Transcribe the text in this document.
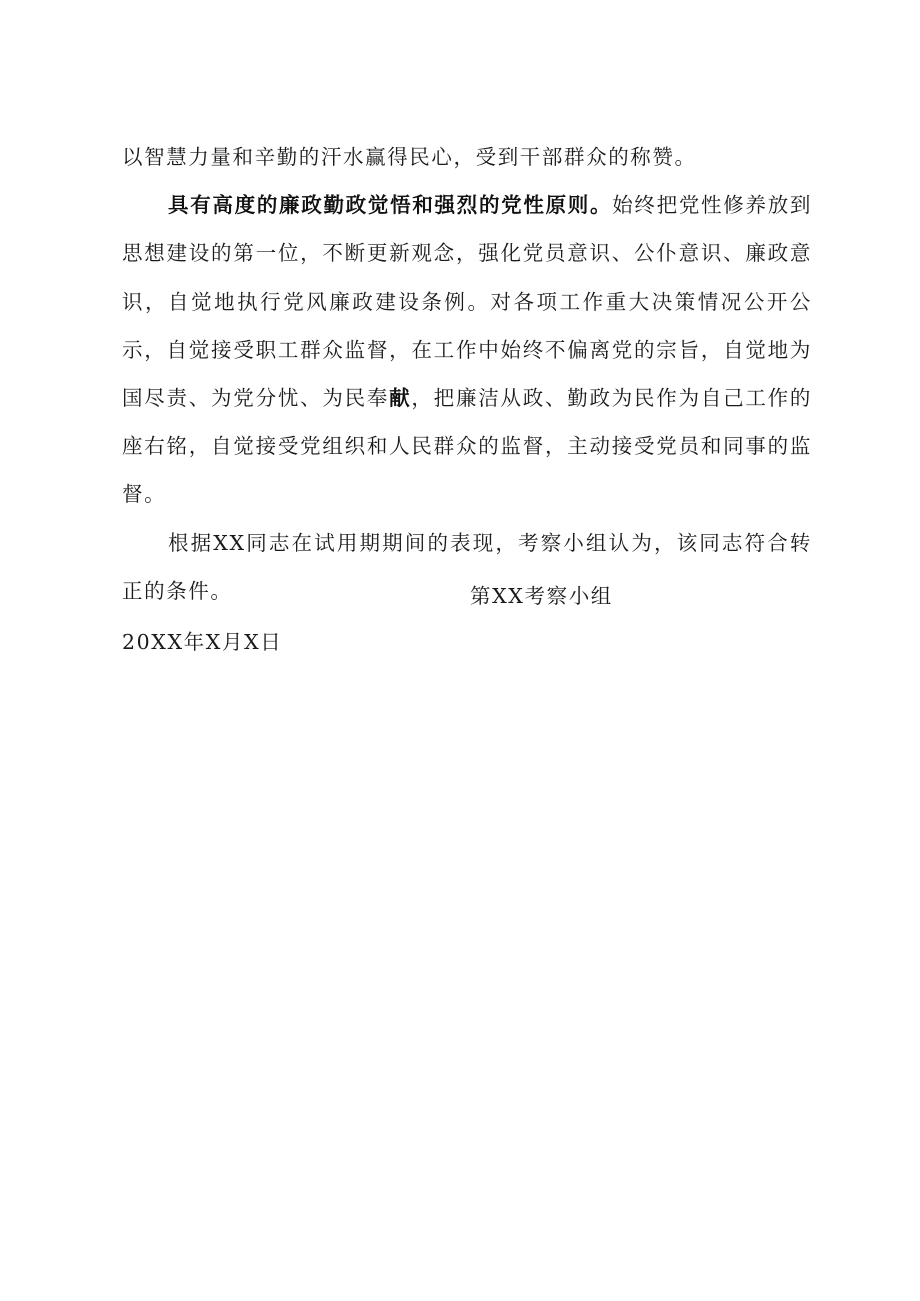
以智慧力量和辛勤的汗水赢得民心，受到干部群众的称赞。

具有高度的廉政勤政觉悟和强烈的党性原则。始终把党性修养放到思想建设的第一位，不断更新观念，强化党员意识、公仆意识、廉政意识，自觉地执行党风廉政建设条例。对各项工作重大决策情况公开公示，自觉接受职工群众监督，在工作中始终不偏离党的宗旨，自觉地为国尽责、为党分忧、为民奉献，把廉洁从政、勤政为民作为自己工作的座右铭，自觉接受党组织和人民群众的监督，主动接受党员和同事的监督。

根据XX同志在试用期期间的表现，考察小组认为，该同志符合转正的条件。	第XX考察小组
20XX年X月X日
